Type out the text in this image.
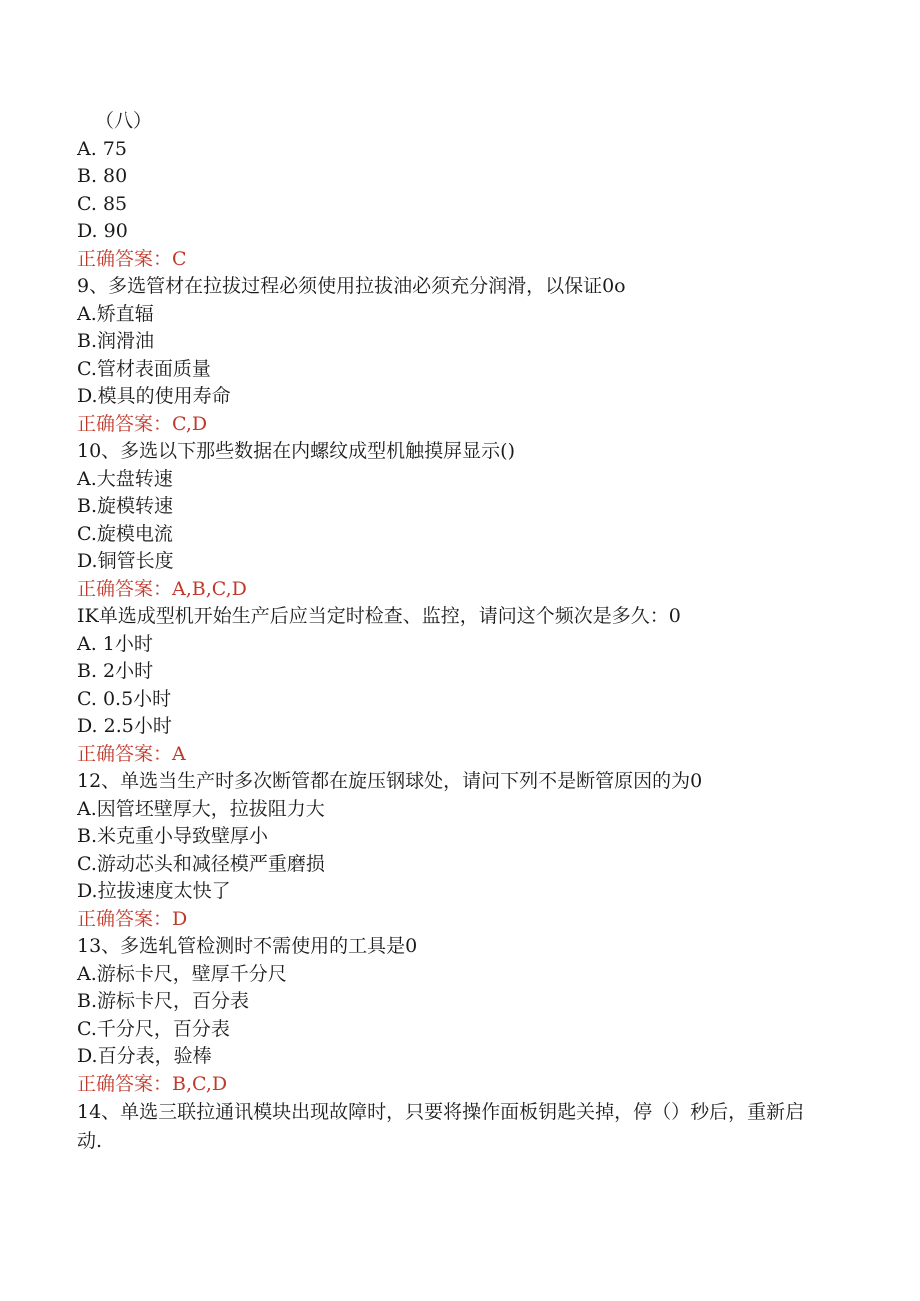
（八）
A. 75
B. 80
C. 85
D. 90
正确答案：C
9、多选管材在拉拔过程必须使用拉拔油必须充分润滑，以保证0o
A.矫直辐
B.润滑油
C.管材表面质量
D.模具的使用寿命
正确答案：C,D
10、多选以下那些数据在内螺纹成型机触摸屏显示()
A.大盘转速
B.旋模转速
C.旋模电流
D.铜管长度
正确答案：A,B,C,D
IK单选成型机开始生产后应当定时检查、监控，请问这个频次是多久：0
A. 1小时
B. 2小时
C. 0.5小时
D. 2.5小时
正确答案：A
12、单选当生产时多次断管都在旋压钢球处，请问下列不是断管原因的为0
A.因管坯壁厚大，拉拔阻力大
B.米克重小导致壁厚小
C.游动芯头和减径模严重磨损
D.拉拔速度太快了
正确答案：D
13、多选轧管检测时不需使用的工具是0
A.游标卡尺，壁厚千分尺
B.游标卡尺，百分表
C.千分尺，百分表
D.百分表，验棒
正确答案：B,C,D
14、单选三联拉通讯模块出现故障时，只要将操作面板钥匙关掉，停（）秒后，重新启动.
